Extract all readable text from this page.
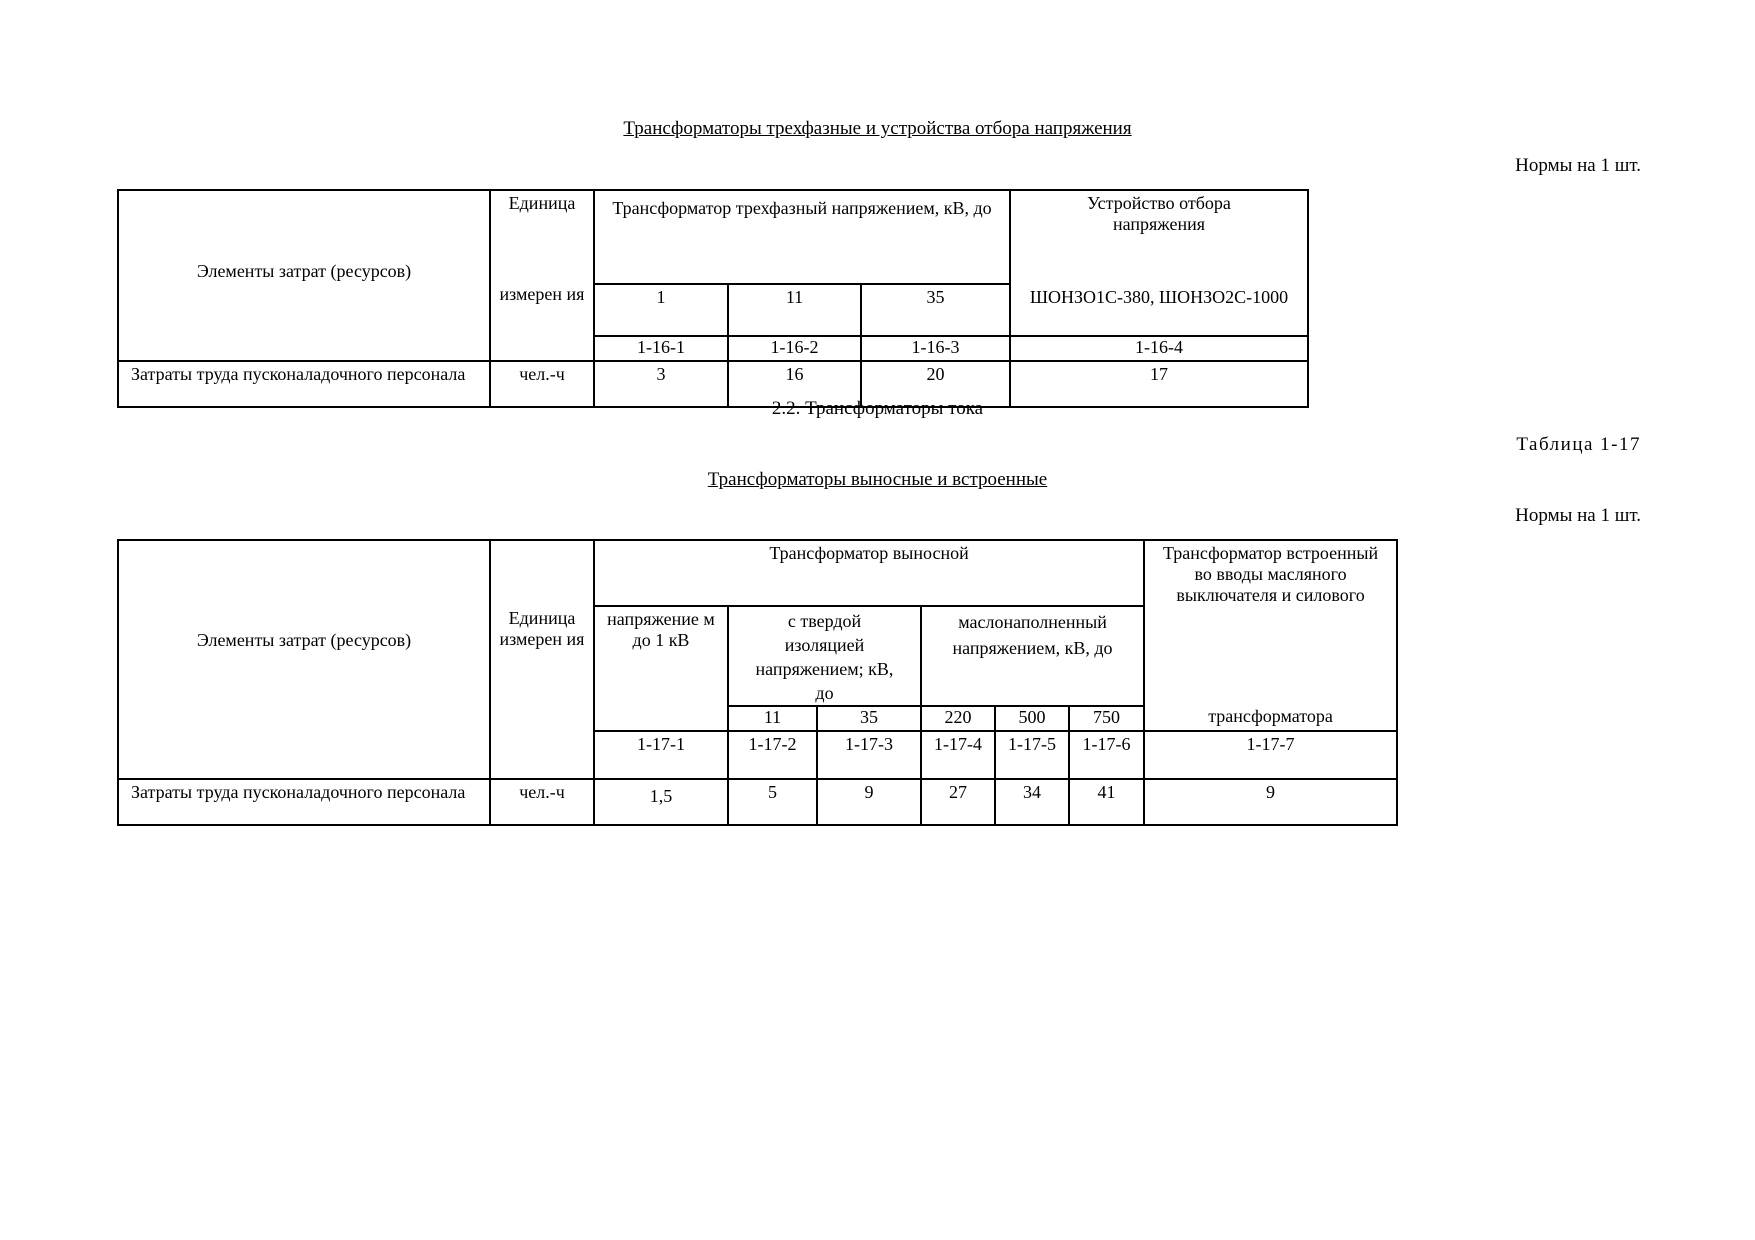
Трансформаторы трехфазные и устройства отбора напряжения
Нормы на 1 шт.
Элементы затрат (ресурсов)	Единица	Трансформатор трехфазный напряжением, кВ, до			Устройство отбора напряжения
	измерен ия	1	11	35	ШОНЗО1С-380, ШОНЗО2С-1000
		1-16-1	1-16-2	1-16-3	1-16-4
Затраты труда пусконаладочного персонала	чел.-ч	3	16	20	17
2.2. Трансформаторы тока
Таблица 1-17
Трансформаторы выносные и встроенные
Нормы на 1 шт.
		Трансформатор выносной						Трансформатор встроенный во вводы масляного выключателя и силового
Элементы затрат (ресурсов)	Единица измерен ия	напряжение м до 1 кВ	с твердой изоляцией напряжением; кВ, до		маслонаполненный напряжением, кВ, до			
			11	35	220	500	750	трансформатора
		1-17-1	1-17-2	1-17-3	1-17-4	1-17-5	1-17-6	1-17-7
Затраты труда пусконаладочного персонала	чел.-ч	1,5	5	9	27	34	41	9
